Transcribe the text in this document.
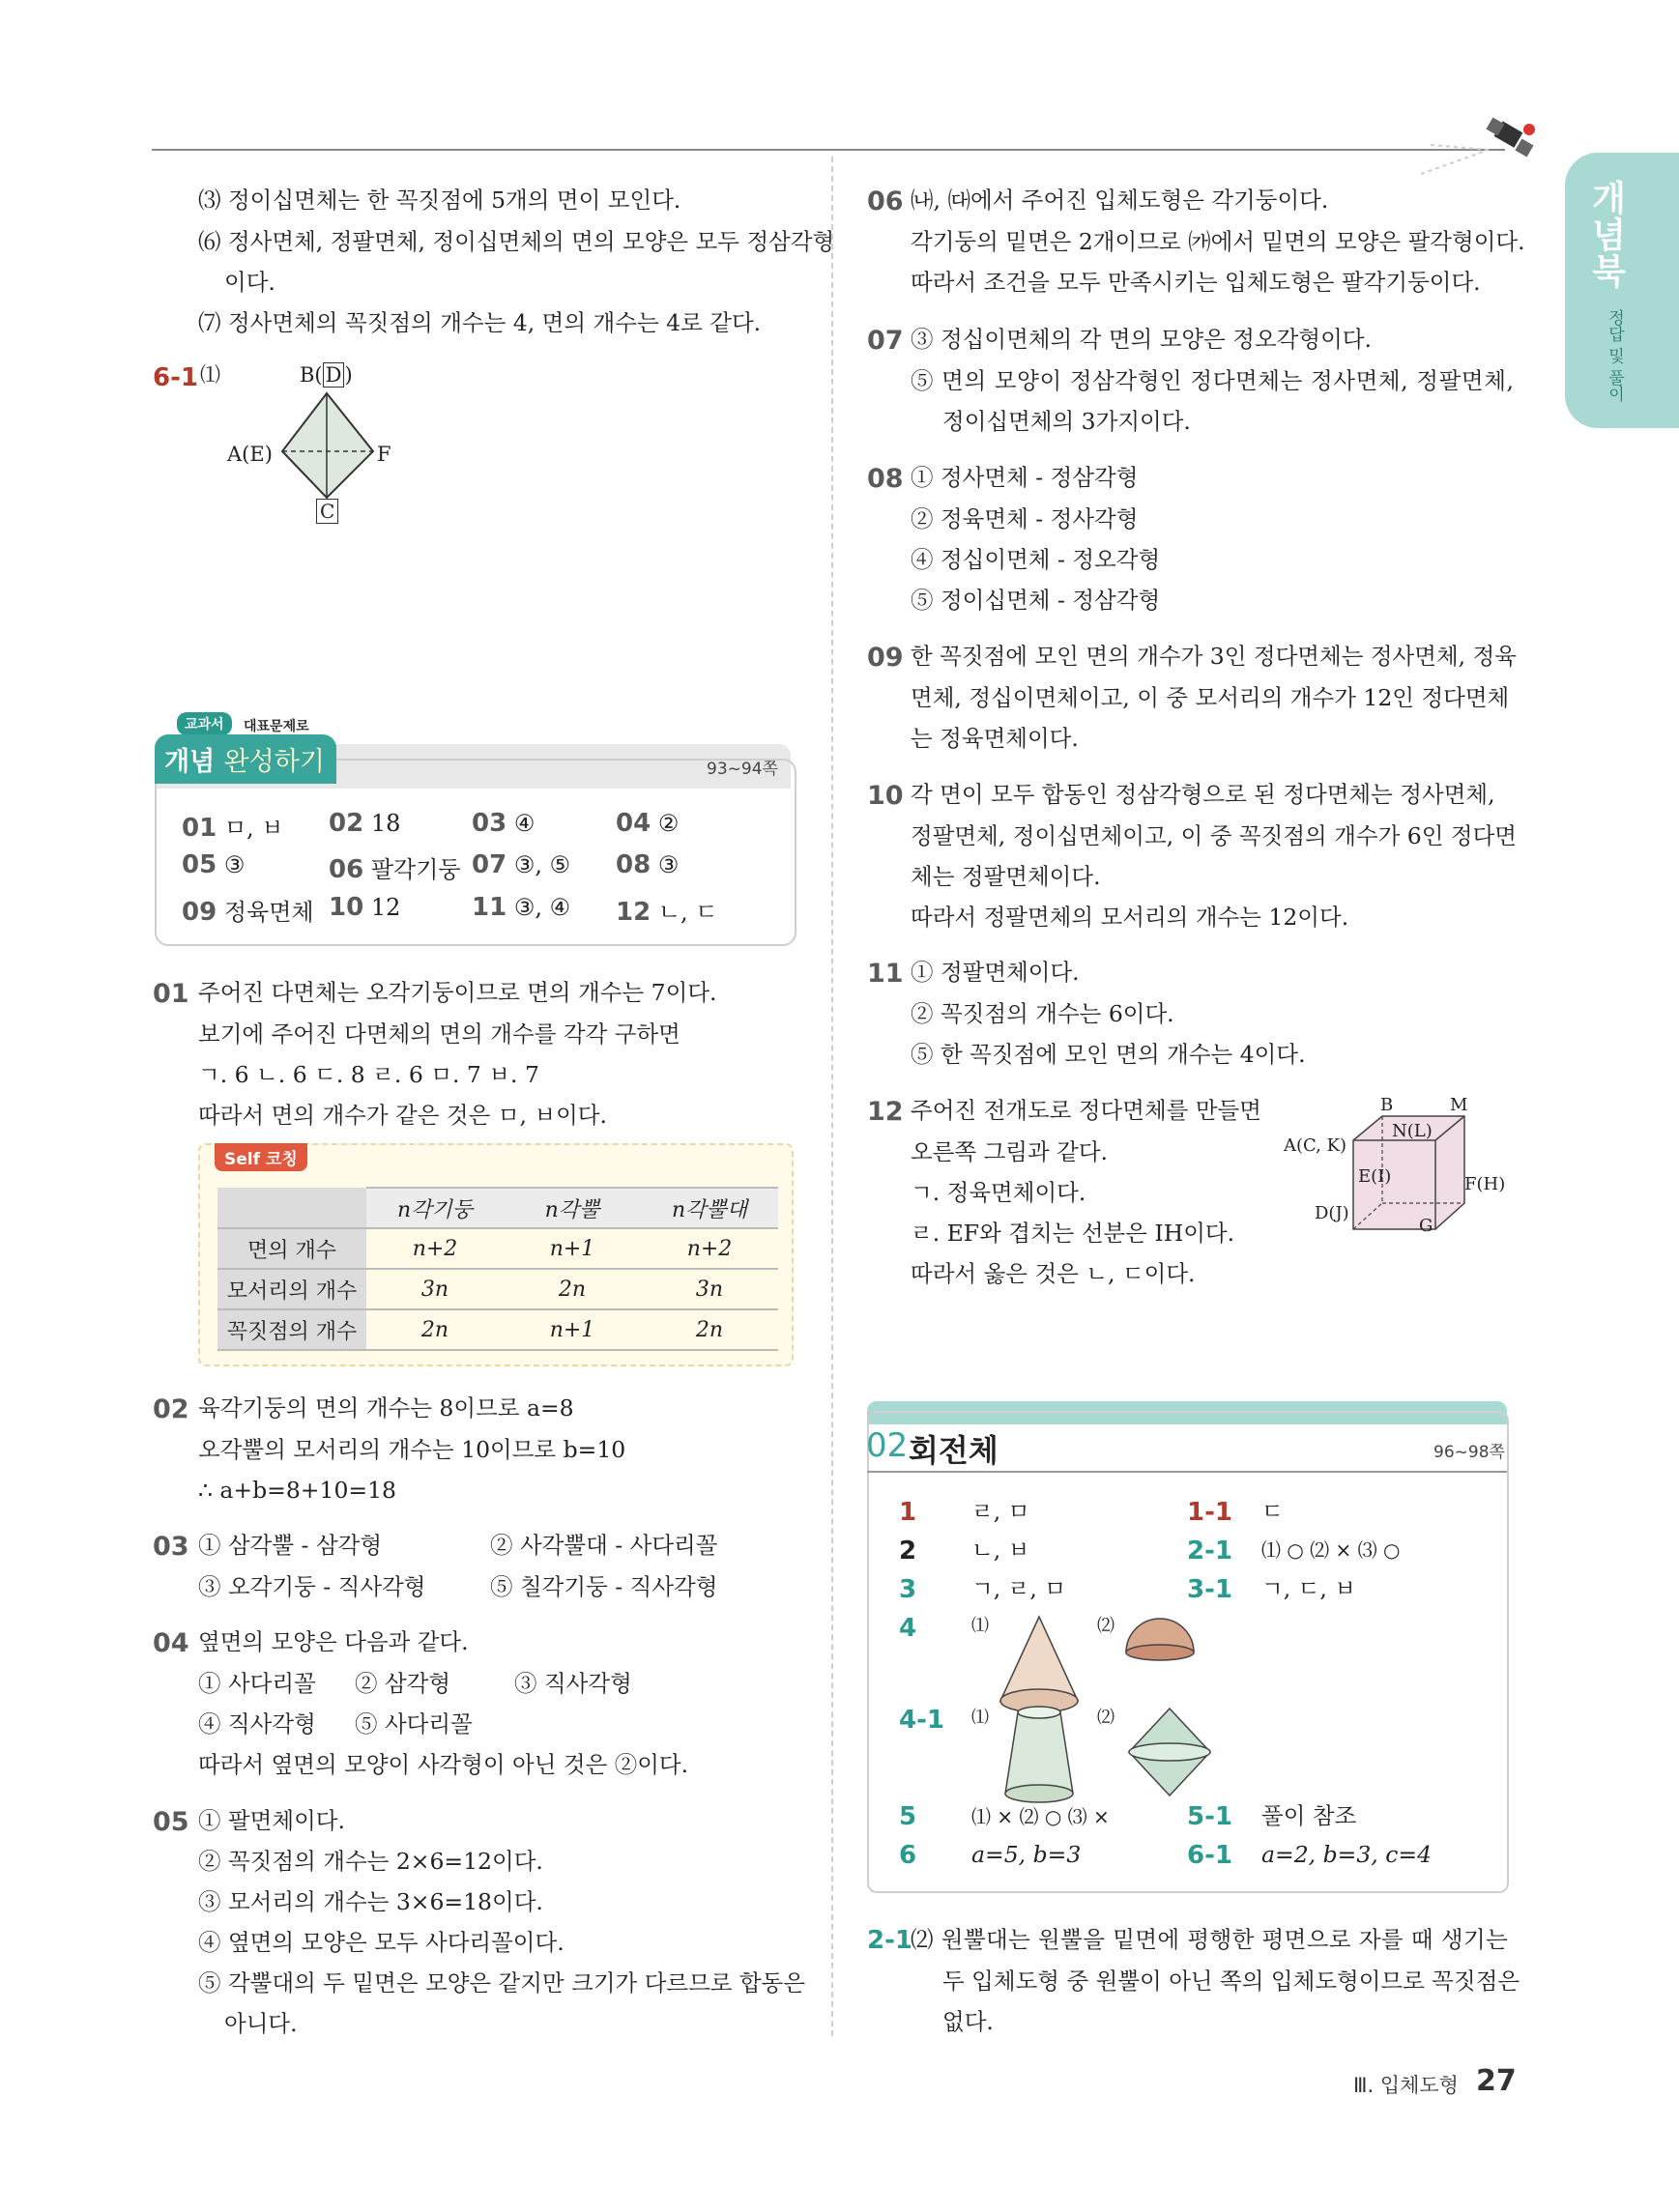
개념북
정답 및 풀이
⑶ 정이십면체는 한 꼭짓점에 5개의 면이 모인다.
⑹ 정사면체, 정팔면체, 정이십면체의 면의 모양은 모두 정삼각형
이다.
⑺ 정사면체의 꼭짓점의 개수는 4, 면의 개수는 4로 같다.
6-1 ⑴	B( D )
A(E)	F
C
교과서	대표문제로
개념 완성하기	93~94쪽
01 ㅁ, ㅂ 02 18	03 ④	04 ②
05 ③	06 팔각기둥 07 ③, ⑤ 08 ③
09 정육면체 10 12	11 ③, ④ 12 ㄴ, ㄷ
01 주어진 다면체는 오각기둥이므로 면의 개수는 7이다.
보기에 주어진 다면체의 면의 개수를 각각 구하면
ㄱ. 6 ㄴ. 6 ㄷ. 8 ㄹ. 6 ㅁ. 7 ㅂ. 7
따라서 면의 개수가 같은 것은 ㅁ, ㅂ이다.
Self 코칭
	n각기둥	n각뿔	n각뿔대
면의 개수	n+2	n+1	n+2
모서리의 개수	3n	2n	3n
꼭짓점의 개수	2n	n+1	2n
02 육각기둥의 면의 개수는 8이므로 a=8
오각뿔의 모서리의 개수는 10이므로 b=10
∴ a+b=8+10=18
03 ① 삼각뿔 - 삼각형	② 사각뿔대 - 사다리꼴
③ 오각기둥 - 직사각형	⑤ 칠각기둥 - 직사각형
04 옆면의 모양은 다음과 같다.
① 사다리꼴 ② 삼각형	③ 직사각형
④ 직사각형 ⑤ 사다리꼴
따라서 옆면의 모양이 사각형이 아닌 것은 ②이다.
05 ① 팔면체이다.
② 꼭짓점의 개수는 2×6=12이다.
③ 모서리의 개수는 3×6=18이다.
④ 옆면의 모양은 모두 사다리꼴이다.
⑤ 각뿔대의 두 밑면은 모양은 같지만 크기가 다르므로 합동은
아니다.
06 ㈏, ㈐에서 주어진 입체도형은 각기둥이다.
각기둥의 밑면은 2개이므로 ㈎에서 밑면의 모양은 팔각형이다.
따라서 조건을 모두 만족시키는 입체도형은 팔각기둥이다.
07 ③ 정십이면체의 각 면의 모양은 정오각형이다.
⑤ 면의 모양이 정삼각형인 정다면체는 정사면체, 정팔면체,
정이십면체의 3가지이다.
08 ① 정사면체 - 정삼각형
② 정육면체 - 정사각형
④ 정십이면체 - 정오각형
⑤ 정이십면체 - 정삼각형
09 한 꼭짓점에 모인 면의 개수가 3인 정다면체는 정사면체, 정육
면체, 정십이면체이고, 이 중 모서리의 개수가 12인 정다면체
는 정육면체이다.
10 각 면이 모두 합동인 정삼각형으로 된 정다면체는 정사면체,
정팔면체, 정이십면체이고, 이 중 꼭짓점의 개수가 6인 정다면
체는 정팔면체이다.
따라서 정팔면체의 모서리의 개수는 12이다.
11 ① 정팔면체이다.
② 꼭짓점의 개수는 6이다.
⑤ 한 꼭짓점에 모인 면의 개수는 4이다.
12 주어진 전개도로 정다면체를 만들면
오른쪽 그림과 같다.
ㄱ. 정육면체이다.
ㄹ. EF와 겹치는 선분은 IH이다.
따라서 옳은 것은 ㄴ, ㄷ이다.
B	M
N(L)
A(C, K)
E(I)	F(H)
D(J)
G
02 회전체	96~98쪽
1 ㄹ, ㅁ	1-1 ㄷ
2 ㄴ, ㅂ	2-1 ⑴ ○ ⑵ × ⑶ ○
3 ㄱ, ㄹ, ㅁ	3-1 ㄱ, ㄷ, ㅂ
4	⑴	⑵
4-1 ⑴	⑵
5	⑴ × ⑵ ○ ⑶ ×	5-1 풀이 참조
6 a=5, b=3	6-1 a=2, b=3, c=4
2-1
⑵ 원뿔대는 원뿔을 밑면에 평행한 평면으로 자를 때 생기는
두 입체도형 중 원뿔이 아닌 쪽의 입체도형이므로 꼭짓점은
없다.
Ⅲ. 입체도형 27
